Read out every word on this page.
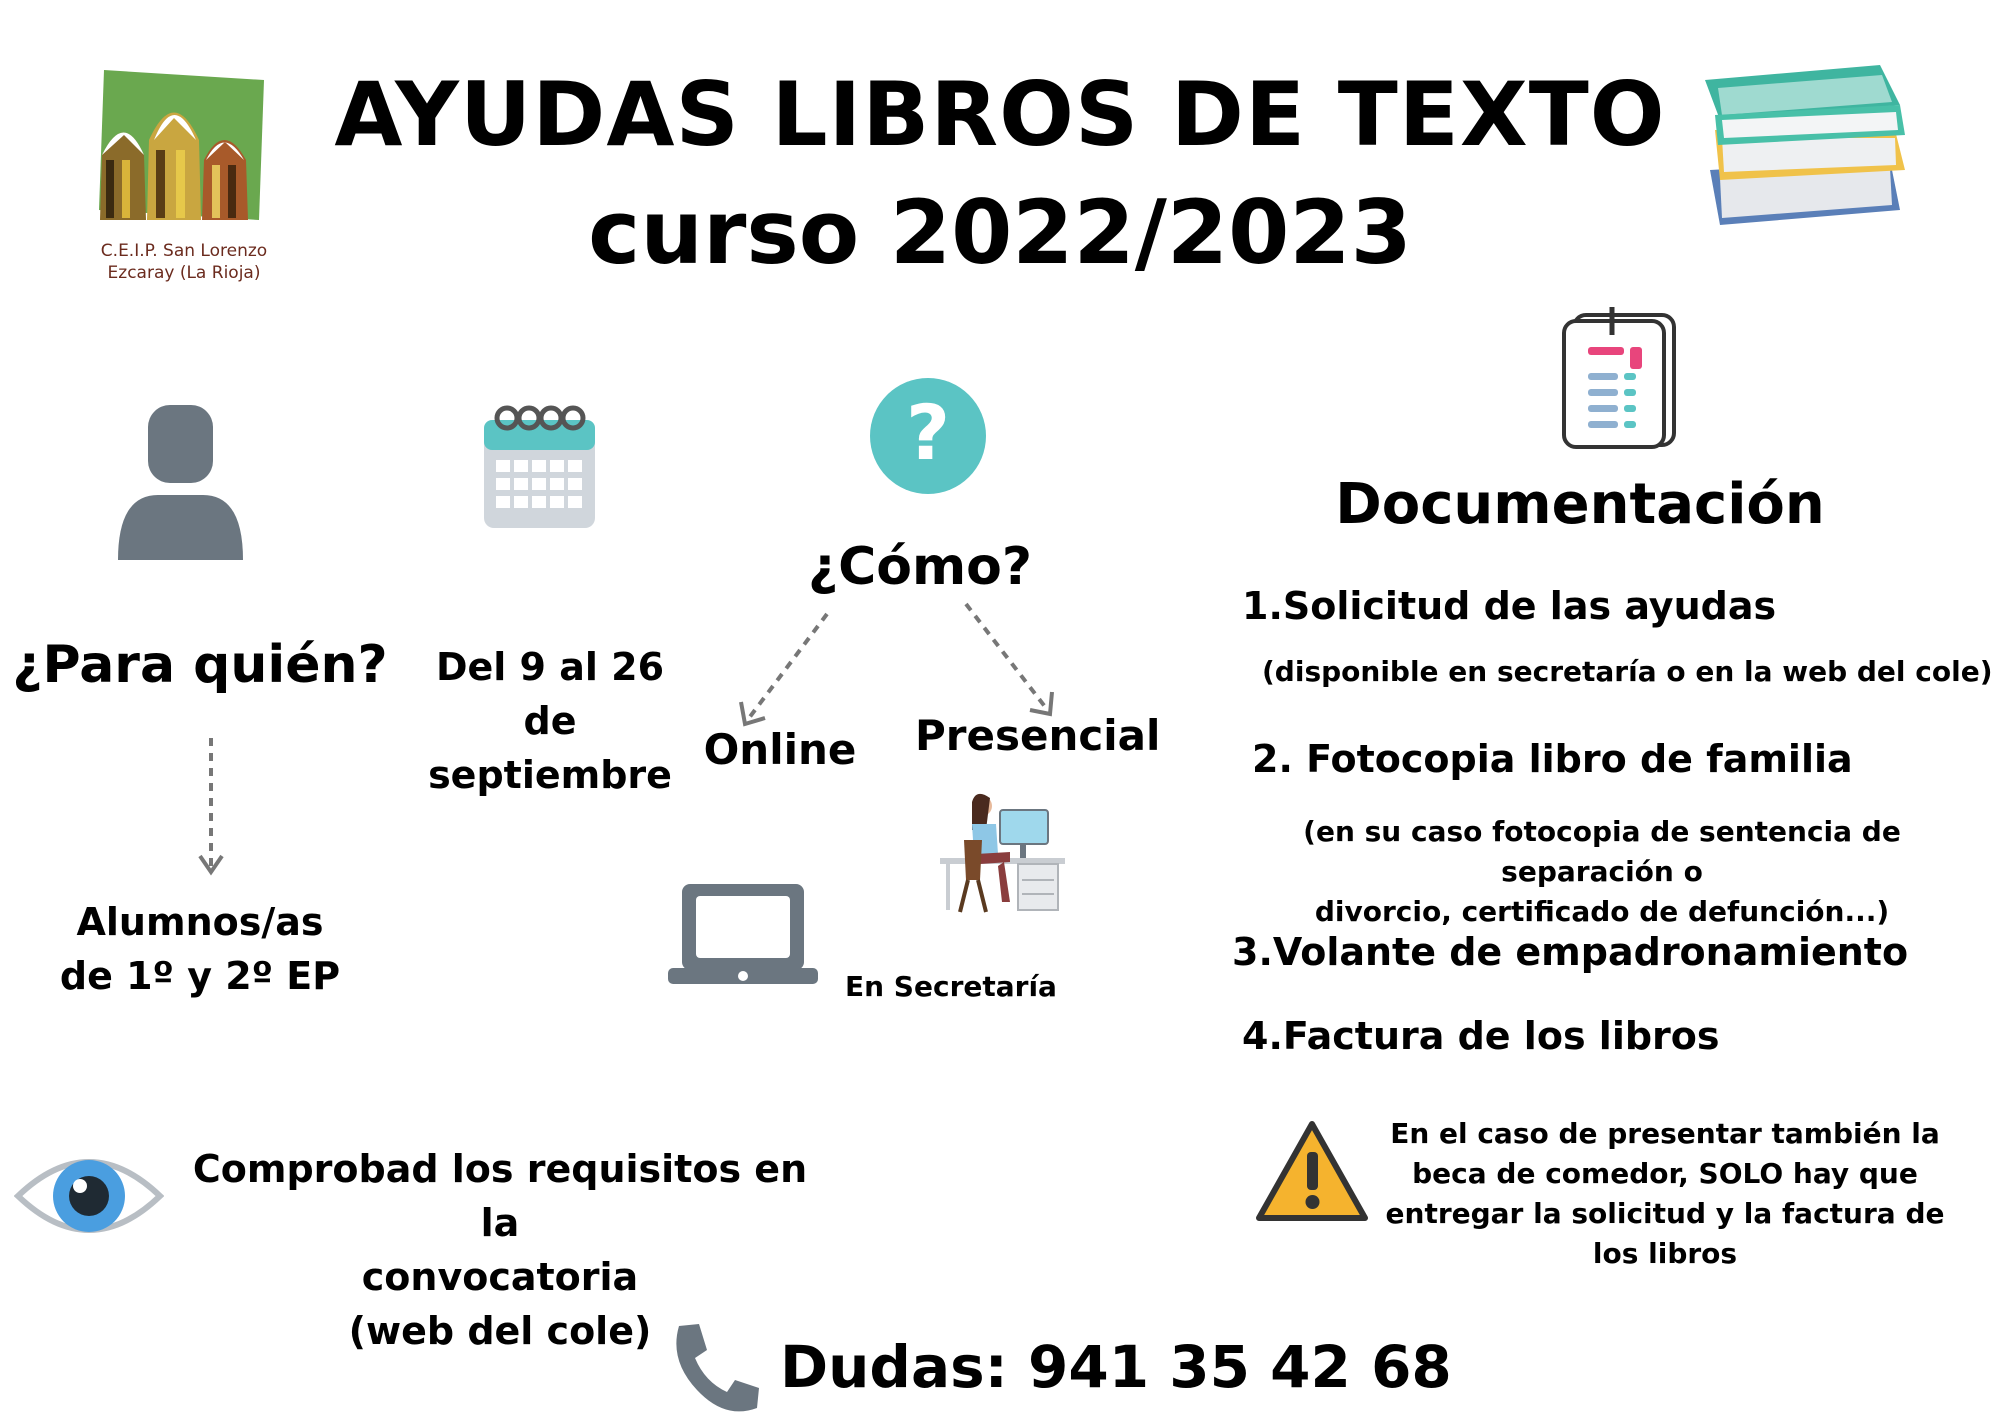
C.E.I.P. San Lorenzo
Ezcaray (La Rioja)
AYUDAS LIBROS DE TEXTO
curso 2022/2023
?
¿Para quién?
Alumnos/as
de 1º y 2º EP
Del 9 al 26
de
septiembre
¿Cómo?
Online	Presencial
En Secretaría
Documentación
1.Solicitud de las ayudas
(disponible en secretaría o en la web del cole)
2. Fotocopia libro de familia
(en su caso fotocopia de sentencia de separación o
divorcio, certificado de defunción...)
3.Volante de empadronamiento
4.Factura de los libros
En el caso de presentar también la
beca de comedor, SOLO hay que
entregar la solicitud y la factura de
los libros
Comprobad los requisitos en la
convocatoria
(web del cole)
Dudas: 941 35 42 68
